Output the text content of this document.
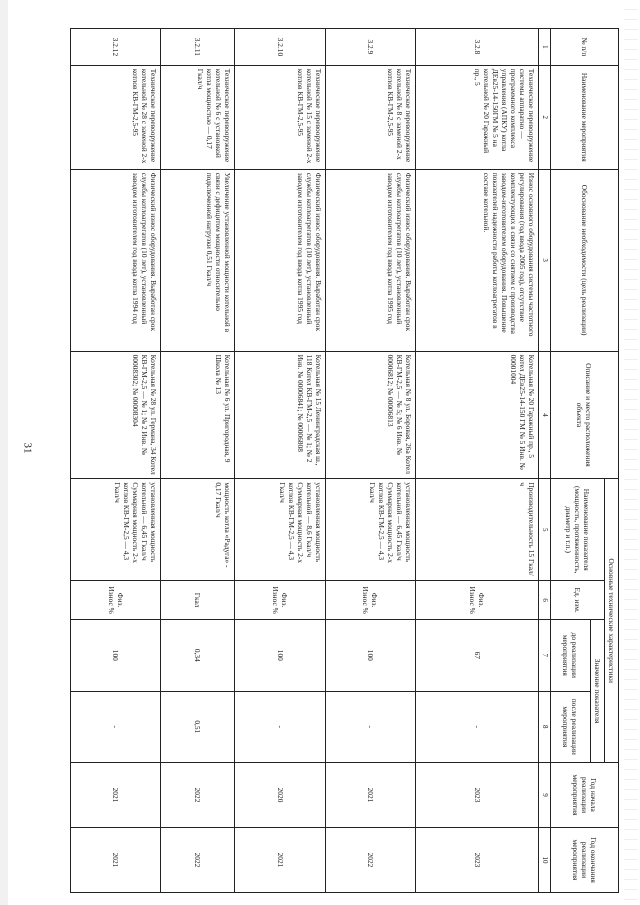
31
№ п/п	Наименование мероприятия	Обоснование необходимости (цель реализации)	Описание и место расположения объекта	Основные технические характеристики				Год начала реализации мероприятия	Год окончания реализации мероприятия
				Наименование показателя (мощность, протяженность, диаметр и т.п.)	Ед. изм.	Значение показателя			
						до реализации мероприятия	после реализации мероприятия		
1	2	3	4	5	6	7	8	9	10
3.2.8	Техническое перевооружение системы аппаратно — программного комплекса управления (АПКУ) котла ДЕв25-14-150ГМ № 5 на котельной № 20 Гаражный пр., 5	Износ основного оборудования системы частотного регулирования (год ввода 2005 год), отсутствие комплектующих в связи со снятием с производства заводом-изготовителем оборудования. Повышение показателей надежности работы котлоагрегатов в составе котельной.	Котельная № 20 Гаражный пр., 5 котел ДЕв25-14-150 ГМ № 5 Инв. № 00001004	Производительность 15 Гкал/ч	Физ. Износ %	67	-	2023	2023
3.2.9	Техническое перевооружение котельной № 8 с заменой 2-х котлов КВ-ГМ-2,5-95	Физический износ оборудования. Выработан срок службы котлоагрегатов (10 лет), установленный заводом изготовителем год ввода котла 1995 год	Котельная № 8 ул. Боровая, 26а Котел КВ-ГМ-2,5 — № 5; № 6 Инв. № 00006812; № 00006813	установленная мощность котельной — 6,45 Гкал/ч Суммарная мощность 2-х котлов КВ-ГМ-2,5 — 4,3 Гкал/ч	Физ. Износ %	100	-	2021	2022
3.2.10	Техническое перевооружение котельной № 15 с заменой 2-х котлов КВ-ГМ-2,5-95	Физический износ оборудования. Выработан срок службы котлоагрегатов (10 лет), установленный заводом изготовителем год ввода котла 1995 год	Котельная № 15 Ленинградская ш., 118 Котел КВ-ГМ-2,5 — № 1; № 2 Инв. № 00006841; № 00006808	установленная мощность котельной — 8,6 Гкал/ч Суммарная мощность 2-х котлов КВ-ГМ-2,5 — 4,3 Гкал/ч	Физ. Износ %	100	-	2020	2021
3.2.11	Техническое перевооружение котельной № 6 с установкой котла мощностью — 0,17 Гкал/ч	Увеличение установленной мощности котельной в связи с дефицитом мощности относительно подключенной нагрузки 0,51 Гкал/ч	Котельная № 6 ул. Пригородная, 9 Школа № 13	мощность котла «Радуга» - 0,17 Гкал/ч	Гкал	0,34	0,51	2022	2022
3.2.12	Техническое перевооружение котельной № 28 с заменой 2-х котлов КВ-ГМ-2,5-95	Физический износ оборудования. Выработан срок службы котлоагрегатов (10 лет), установленный заводом изготовителем год ввода котла 1994 год	Котельная № 28 ул. Германа, 34 Котел КВ-ГМ-2,5 — № 1; № 2 Инв. № 00008302; № 00008304	установленная мощность котельной — 6,45 Гкал/ч Суммарная мощность 2-х котлов КВ-ГМ-2,5 — 4,3 Гкал/ч	Физ. Износ %	100	-	2021	2021
